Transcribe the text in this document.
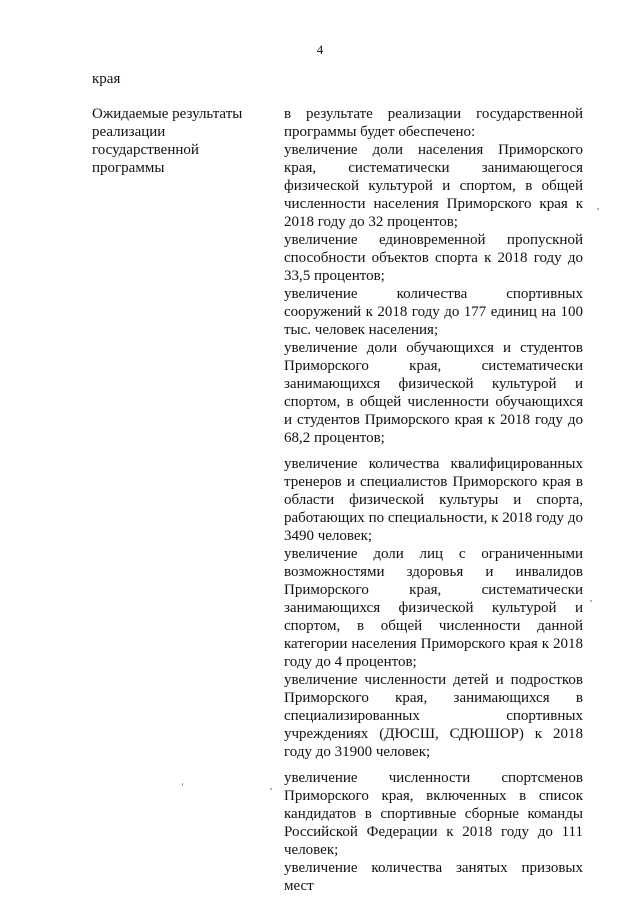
4
края
Ожидаемые результаты реализации государственной программы

в результате реализации государственной программы будет обеспечено:

увеличение доли населения Приморского края, систематически занимающегося физической культурой и спортом, в общей численности населения Приморского края к 2018 году до 32 процентов;

увеличение единовременной пропускной способности объектов спорта к 2018 году до 33,5 процентов;

увеличение количества спортивных сооружений к 2018 году до 177 единиц на 100 тыс. человек населения;

увеличение доли обучающихся и студентов Приморского края, систематически занимающихся физической культурой и спортом, в общей численности обучающихся и студентов Приморского края к 2018 году до 68,2 процентов;

увеличение количества квалифицированных тренеров и специалистов Приморского края в области физической культуры и спорта, работающих по специальности, к 2018 году до 3490 человек;

увеличение доли лиц с ограниченными возможностями здоровья и инвалидов Приморского края, систематически занимающихся физической культурой и спортом, в общей численности данной категории населения Приморского края к 2018 году до 4 процентов;

увеличение численности детей и подростков Приморского края, занимающихся в специализированных спортивных учреждениях (ДЮСШ, СДЮШОР) к 2018 году до 31900 человек;

увеличение численности спортсменов Приморского края, включенных в список кандидатов в спортивные сборные команды Российской Федерации к 2018 году до 111 человек;

увеличение количества занятых призовых мест
